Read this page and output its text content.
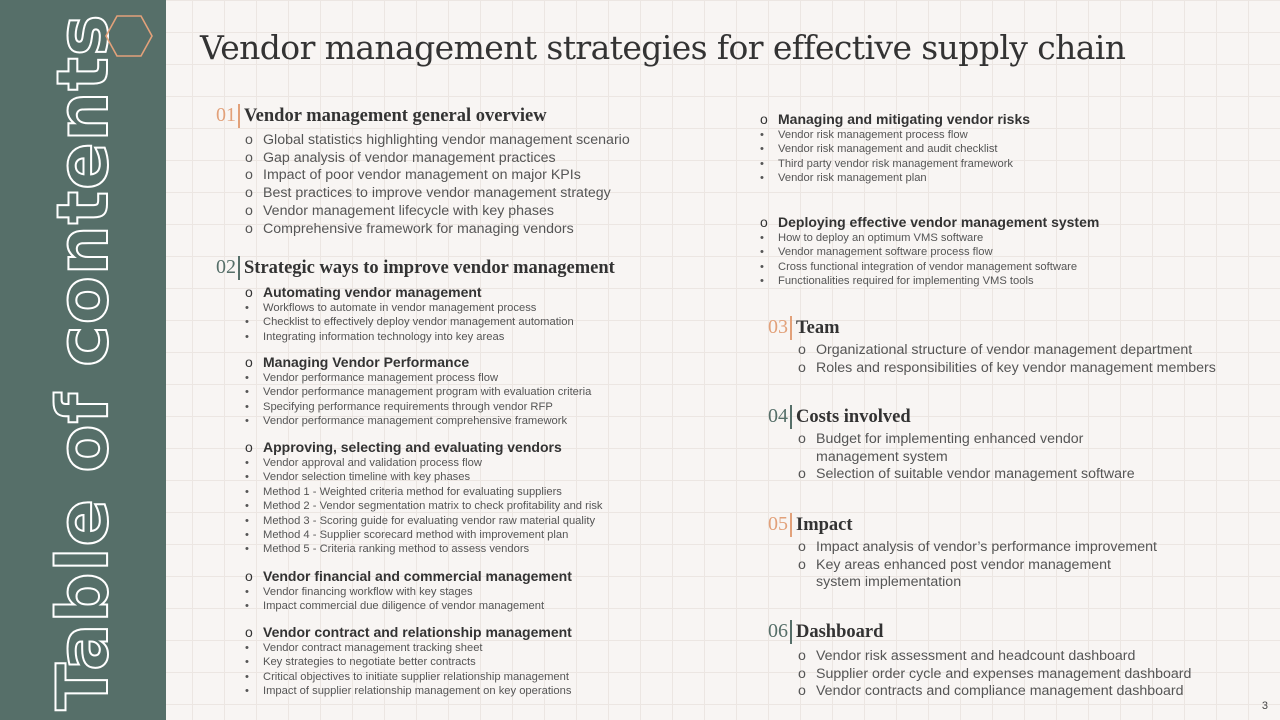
Table of contents Vendor management strategies for effective supply chain
01 Vendor management general overview
o Global statistics highlighting vendor management scenario
o Gap analysis of vendor management practices
o Impact of poor vendor management on major KPIs
o Best practices to improve vendor management strategy
o Vendor management lifecycle with key phases
o Comprehensive framework for managing vendors
02 Strategic ways to improve vendor management
o Automating vendor management
• Workflows to automate in vendor management process
• Checklist to effectively deploy vendor management automation
• Integrating information technology into key areas
o Managing Vendor Performance
• Vendor performance management process flow
• Vendor performance management program with evaluation criteria
• Specifying performance requirements through vendor RFP
• Vendor performance management comprehensive framework
o Approving, selecting and evaluating vendors
• Vendor approval and validation process flow
• Vendor selection timeline with key phases
• Method 1 - Weighted criteria method for evaluating suppliers
• Method 2 - Vendor segmentation matrix to check profitability and risk
• Method 3 - Scoring guide for evaluating vendor raw material quality
• Method 4 - Supplier scorecard method with improvement plan
• Method 5 - Criteria ranking method to assess vendors
o Vendor financial and commercial management
• Vendor financing workflow with key stages
• Impact commercial due diligence of vendor management
o Vendor contract and relationship management
• Vendor contract management tracking sheet
• Key strategies to negotiate better contracts
• Critical objectives to initiate supplier relationship management
• Impact of supplier relationship management on key operations
o Managing and mitigating vendor risks
• Vendor risk management process flow
• Vendor risk management and audit checklist
• Third party vendor risk management framework
• Vendor risk management plan
o Deploying effective vendor management system
• How to deploy an optimum VMS software
• Vendor management software process flow
• Cross functional integration of vendor management software
• Functionalities required for implementing VMS tools
03 Team
o Organizational structure of vendor management department
o Roles and responsibilities of key vendor management members
04 Costs involved
o Budget for implementing enhanced vendor management system
o Selection of suitable vendor management software
05 Impact
o Impact analysis of vendor’s performance improvement
o Key areas enhanced post vendor management system implementation
06 Dashboard
o Vendor risk assessment and headcount dashboard
o Supplier order cycle and expenses management dashboard
o Vendor contracts and compliance management dashboard
3
